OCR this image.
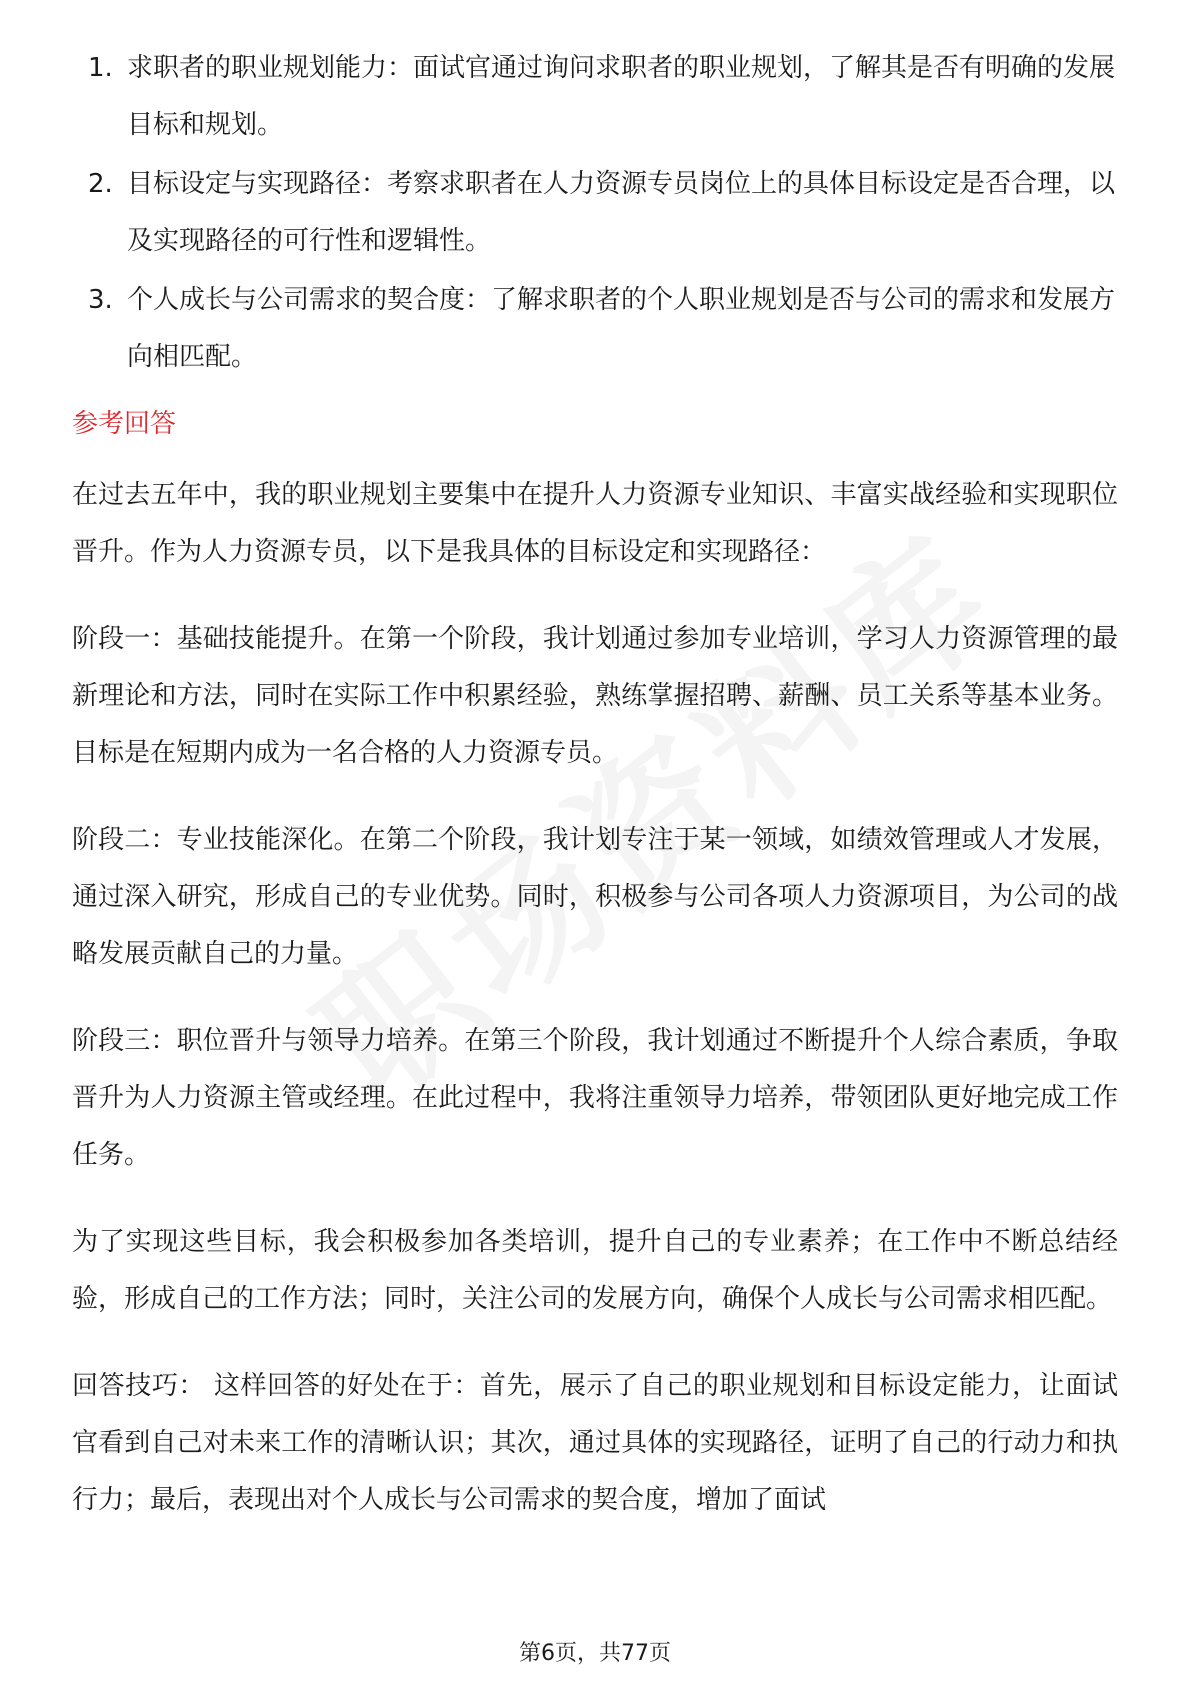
1. 求职者的职业规划能力：面试官通过询问求职者的职业规划，了解其是否有明确的发展目标和规划。
2. 目标设定与实现路径：考察求职者在人力资源专员岗位上的具体目标设定是否合理，以及实现路径的可行性和逻辑性。
3. 个人成长与公司需求的契合度：了解求职者的个人职业规划是否与公司的需求和发展方向相匹配。
参考回答

在过去五年中，我的职业规划主要集中在提升人力资源专业知识、丰富实战经验和实现职位晋升。作为人力资源专员，以下是我具体的目标设定和实现路径：

阶段一：基础技能提升。在第一个阶段，我计划通过参加专业培训，学习人力资源管理的最新理论和方法，同时在实际工作中积累经验，熟练掌握招聘、薪酬、员工关系等基本业务。目标是在短期内成为一名合格的人力资源专员。

阶段二：专业技能深化。在第二个阶段，我计划专注于某一领域，如绩效管理或人才发展，通过深入研究，形成自己的专业优势。同时，积极参与公司各项人力资源项目，为公司的战略发展贡献自己的力量。

阶段三：职位晋升与领导力培养。在第三个阶段，我计划通过不断提升个人综合素质，争取晋升为人力资源主管或经理。在此过程中，我将注重领导力培养，带领团队更好地完成工作任务。

为了实现这些目标，我会积极参加各类培训，提升自己的专业素养；在工作中不断总结经验，形成自己的工作方法；同时，关注公司的发展方向，确保个人成长与公司需求相匹配。

回答技巧： 这样回答的好处在于：首先，展示了自己的职业规划和目标设定能力，让面试官看到自己对未来工作的清晰认识；其次，通过具体的实现路径，证明了自己的行动力和执行力；最后，表现出对个人成长与公司需求的契合度，增加了面试

第6页，共77页
